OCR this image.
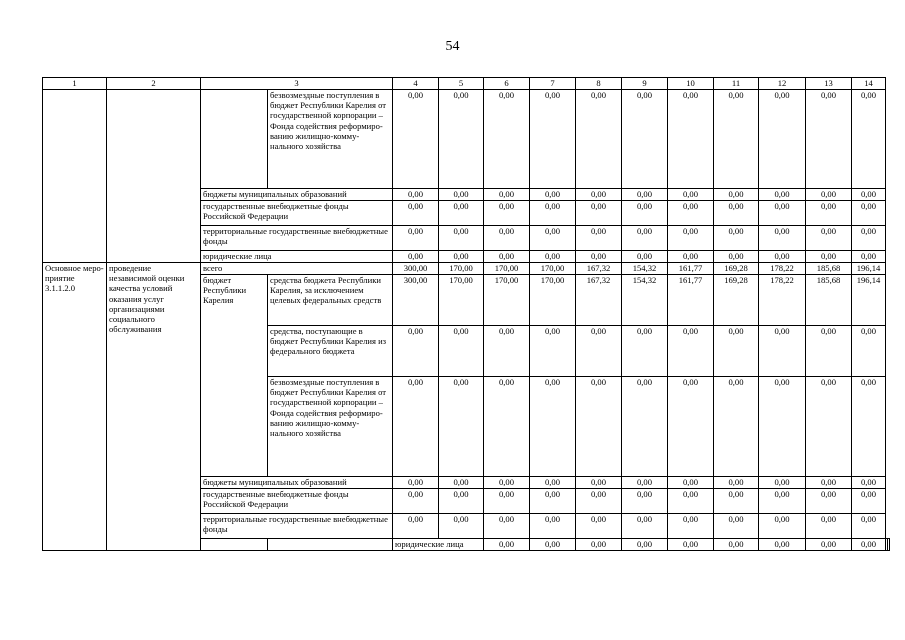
54
1	2	3		4	5	6	7	8	9	10	11	12	13	14		
			безвозмездные поступления в бюджет Республики Карелия от государственной корпорации – Фонда содействия реформиро-ванию жилищно-комму-нального хозяйства	0,00	0,00	0,00	0,00	0,00	0,00	0,00	0,00	0,00	0,00	0,00		
		бюджеты муниципальных образований		0,00	0,00	0,00	0,00	0,00	0,00	0,00	0,00	0,00	0,00	0,00		
		государственные внебюджетные фонды Российской Федерации		0,00	0,00	0,00	0,00	0,00	0,00	0,00	0,00	0,00	0,00	0,00		
		территориальные государственные внебюджетные фонды		0,00	0,00	0,00	0,00	0,00	0,00	0,00	0,00	0,00	0,00	0,00		
		юридические лица		0,00	0,00	0,00	0,00	0,00	0,00	0,00	0,00	0,00	0,00	0,00		
Основное меро-приятие 3.1.1.2.0	проведение независимой оценки качества условий оказания услуг организациями социального обслуживания	всего		300,00	170,00	170,00	170,00	167,32	154,32	161,77	169,28	178,22	185,68	196,14		
		бюджет Республики Карелия	средства бюджета Республики Карелия, за исключением целевых федеральных средств	300,00	170,00	170,00	170,00	167,32	154,32	161,77	169,28	178,22	185,68	196,14		
			средства, поступающие в бюджет Республики Карелия из федерального бюджета	0,00	0,00	0,00	0,00	0,00	0,00	0,00	0,00	0,00	0,00	0,00		
			безвозмездные поступления в бюджет Республики Карелия от государственной корпорации – Фонда содействия реформиро-ванию жилищно-комму-нального хозяйства	0,00	0,00	0,00	0,00	0,00	0,00	0,00	0,00	0,00	0,00	0,00		
		бюджеты муниципальных образований		0,00	0,00	0,00	0,00	0,00	0,00	0,00	0,00	0,00	0,00	0,00		
		государственные внебюджетные фонды Российской Федерации		0,00	0,00	0,00	0,00	0,00	0,00	0,00	0,00	0,00	0,00	0,00		
		территориальные государственные внебюджетные фонды		0,00	0,00	0,00	0,00	0,00	0,00	0,00	0,00	0,00	0,00	0,00		
				юридические лица		0,00	0,00	0,00	0,00	0,00	0,00	0,00	0,00	0,00		
